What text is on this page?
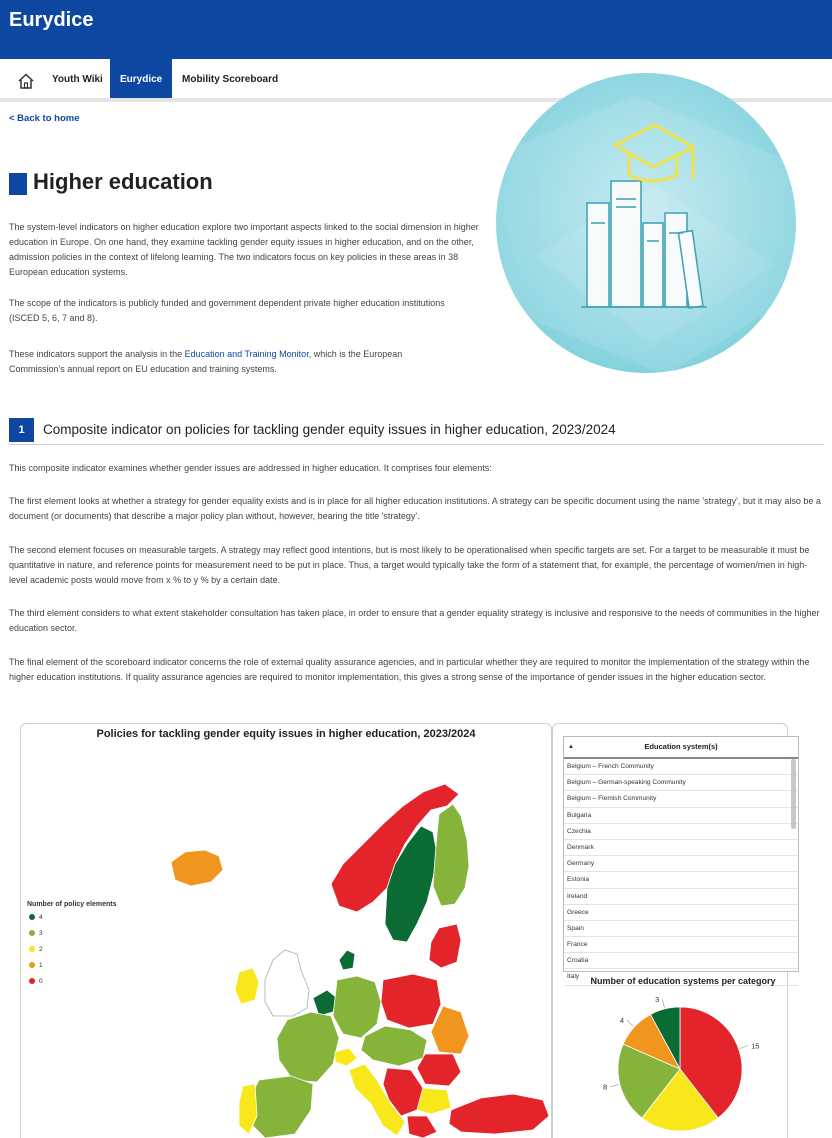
Eurydice
Youth Wiki	Eurydice	Mobility Scoreboard
< Back to home
Higher education
The system-level indicators on higher education explore two important aspects linked to the social dimension in higher education in Europe. On one hand, they examine tackling gender equity issues in higher education, and on the other, admission policies in the context of lifelong learning. The two indicators focus on key policies in these areas in 38 European education systems.
The scope of the indicators is publicly funded and government dependent private higher education institutions (ISCED 5, 6, 7 and 8).
These indicators support the analysis in the Education and Training Monitor, which is the European Commission's annual report on EU education and training systems.
1	Composite indicator on policies for tackling gender equity issues in higher education, 2023/2024
This composite indicator examines whether gender issues are addressed in higher education. It comprises four elements:
The first element looks at whether a strategy for gender equality exists and is in place for all higher education institutions. A strategy can be specific document using the name 'strategy', but it may also be a document (or documents) that describe a major policy plan without, however, bearing the title 'strategy'.
The second element focuses on measurable targets. A strategy may reflect good intentions, but is most likely to be operationalised when specific targets are set. For a target to be measurable it must be quantitative in nature, and reference points for measurement need to be put in place. Thus, a target would typically take the form of a statement that, for example, the percentage of women/men in high-level academic posts would move from x % to y % by a certain date.
The third element considers to what extent stakeholder consultation has taken place, in order to ensure that a gender equality strategy is inclusive and responsive to the needs of communities in the higher education sector.
The final element of the scoreboard indicator concerns the role of external quality assurance agencies, and in particular whether they are required to monitor the implementation of the strategy within the higher education institutions. If quality assurance agencies are required to monitor implementation, this gives a strong sense of the importance of gender issues in the higher education sector.
Policies for tackling gender equity issues in higher education, 2023/2024
Number of policy elements
4
3
2
1
0
▲	Education system(s)
Belgium – French Community
Belgium – German-speaking Community
Belgium – Flemish Community
Bulgaria
Czechia
Denmark
Germany
Estonia
Ireland
Greece
Spain
France
Croatia
Italy	Number of education systems per category
15
8
4
3
